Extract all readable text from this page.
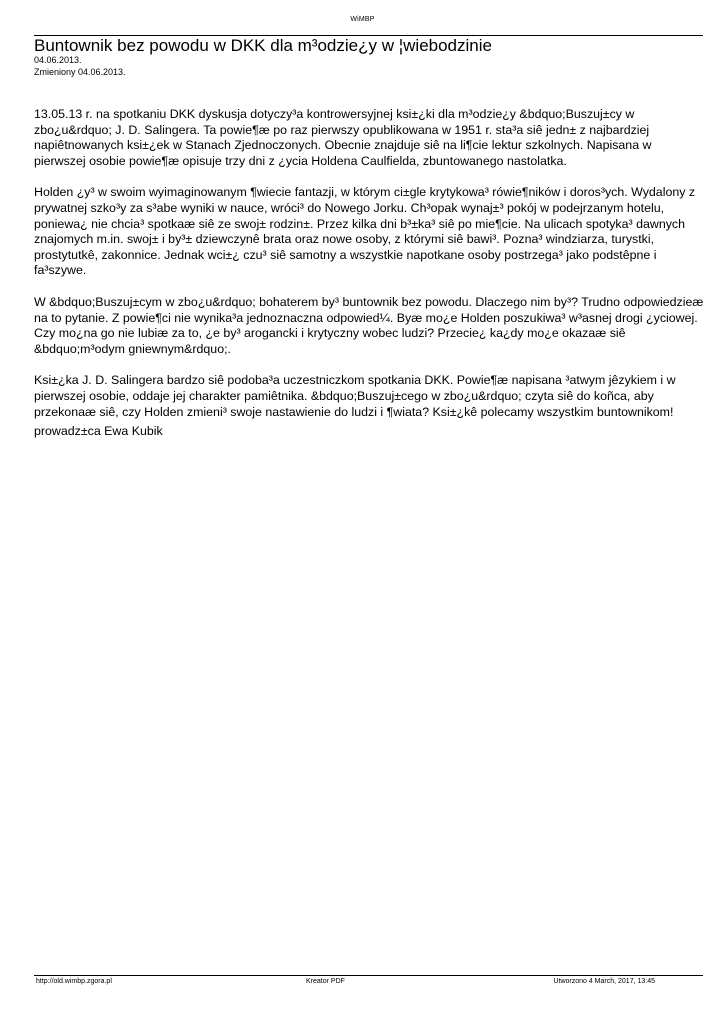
WiMBP
Buntownik bez powodu w DKK dla m³odzie¿y w ¦wiebodzinie
04.06.2013.
Zmieniony 04.06.2013.

13.05.13 r. na spotkaniu DKK dyskusja dotyczy³a kontrowersyjnej ksi±¿ki dla m³odzie¿y &bdquo;Buszuj±cy w zbo¿u&rdquo; J. D. Salingera. Ta powie¶æ po raz pierwszy opublikowana w 1951 r. sta³a siê jedn± z najbardziej napiêtnowanych ksi±¿ek w Stanach Zjednoczonych. Obecnie znajduje siê na li¶cie lektur szkolnych. Napisana w pierwszej osobie powie¶æ opisuje trzy dni z ¿ycia Holdena Caulfielda, zbuntowanego nastolatka.

Holden ¿y³ w swoim wyimaginowanym ¶wiecie fantazji, w którym ci±gle krytykowa³ rówie¶ników i doros³ych. Wydalony z prywatnej szko³y za s³abe wyniki w nauce, wróci³ do Nowego Jorku. Ch³opak wynaj±³ pokój w podejrzanym hotelu, poniewa¿ nie chcia³ spotkaæ siê ze swoj± rodzin±. Przez kilka dni b³±ka³ siê po mie¶cie. Na ulicach spotyka³ dawnych znajomych m.in. swoj± i by³± dziewczynê brata oraz nowe osoby, z którymi siê bawi³. Pozna³ windziarza, turystki, prostytutkê, zakonnice. Jednak wci±¿ czu³ siê samotny a wszystkie napotkane osoby postrzega³ jako podstêpne i fa³szywe.

W &bdquo;Buszuj±cym w zbo¿u&rdquo; bohaterem by³ buntownik bez powodu. Dlaczego nim by³? Trudno odpowiedzieæ na to pytanie. Z powie¶ci nie wynika³a jednoznaczna odpowied¼. Byæ mo¿e Holden poszukiwa³ w³asnej drogi ¿yciowej. Czy mo¿na go nie lubiæ za to, ¿e by³ arogancki i krytyczny wobec ludzi? Przecie¿ ka¿dy mo¿e okazaæ siê &bdquo;m³odym gniewnym&rdquo;.

Ksi±¿ka J. D. Salingera bardzo siê podoba³a uczestniczkom spotkania DKK. Powie¶æ napisana ³atwym jêzykiem i w pierwszej osobie, oddaje jej charakter pamiêtnika. &bdquo;Buszuj±cego w zbo¿u&rdquo; czyta siê do koñca, aby przekonaæ siê, czy Holden zmieni³ swoje nastawienie do ludzi i ¶wiata? Ksi±¿kê polecamy wszystkim buntownikom!

prowadz±ca Ewa Kubik
http://old.wimbp.zgora.pl	Kreator PDF	Utworzono 4 March, 2017, 13:45
